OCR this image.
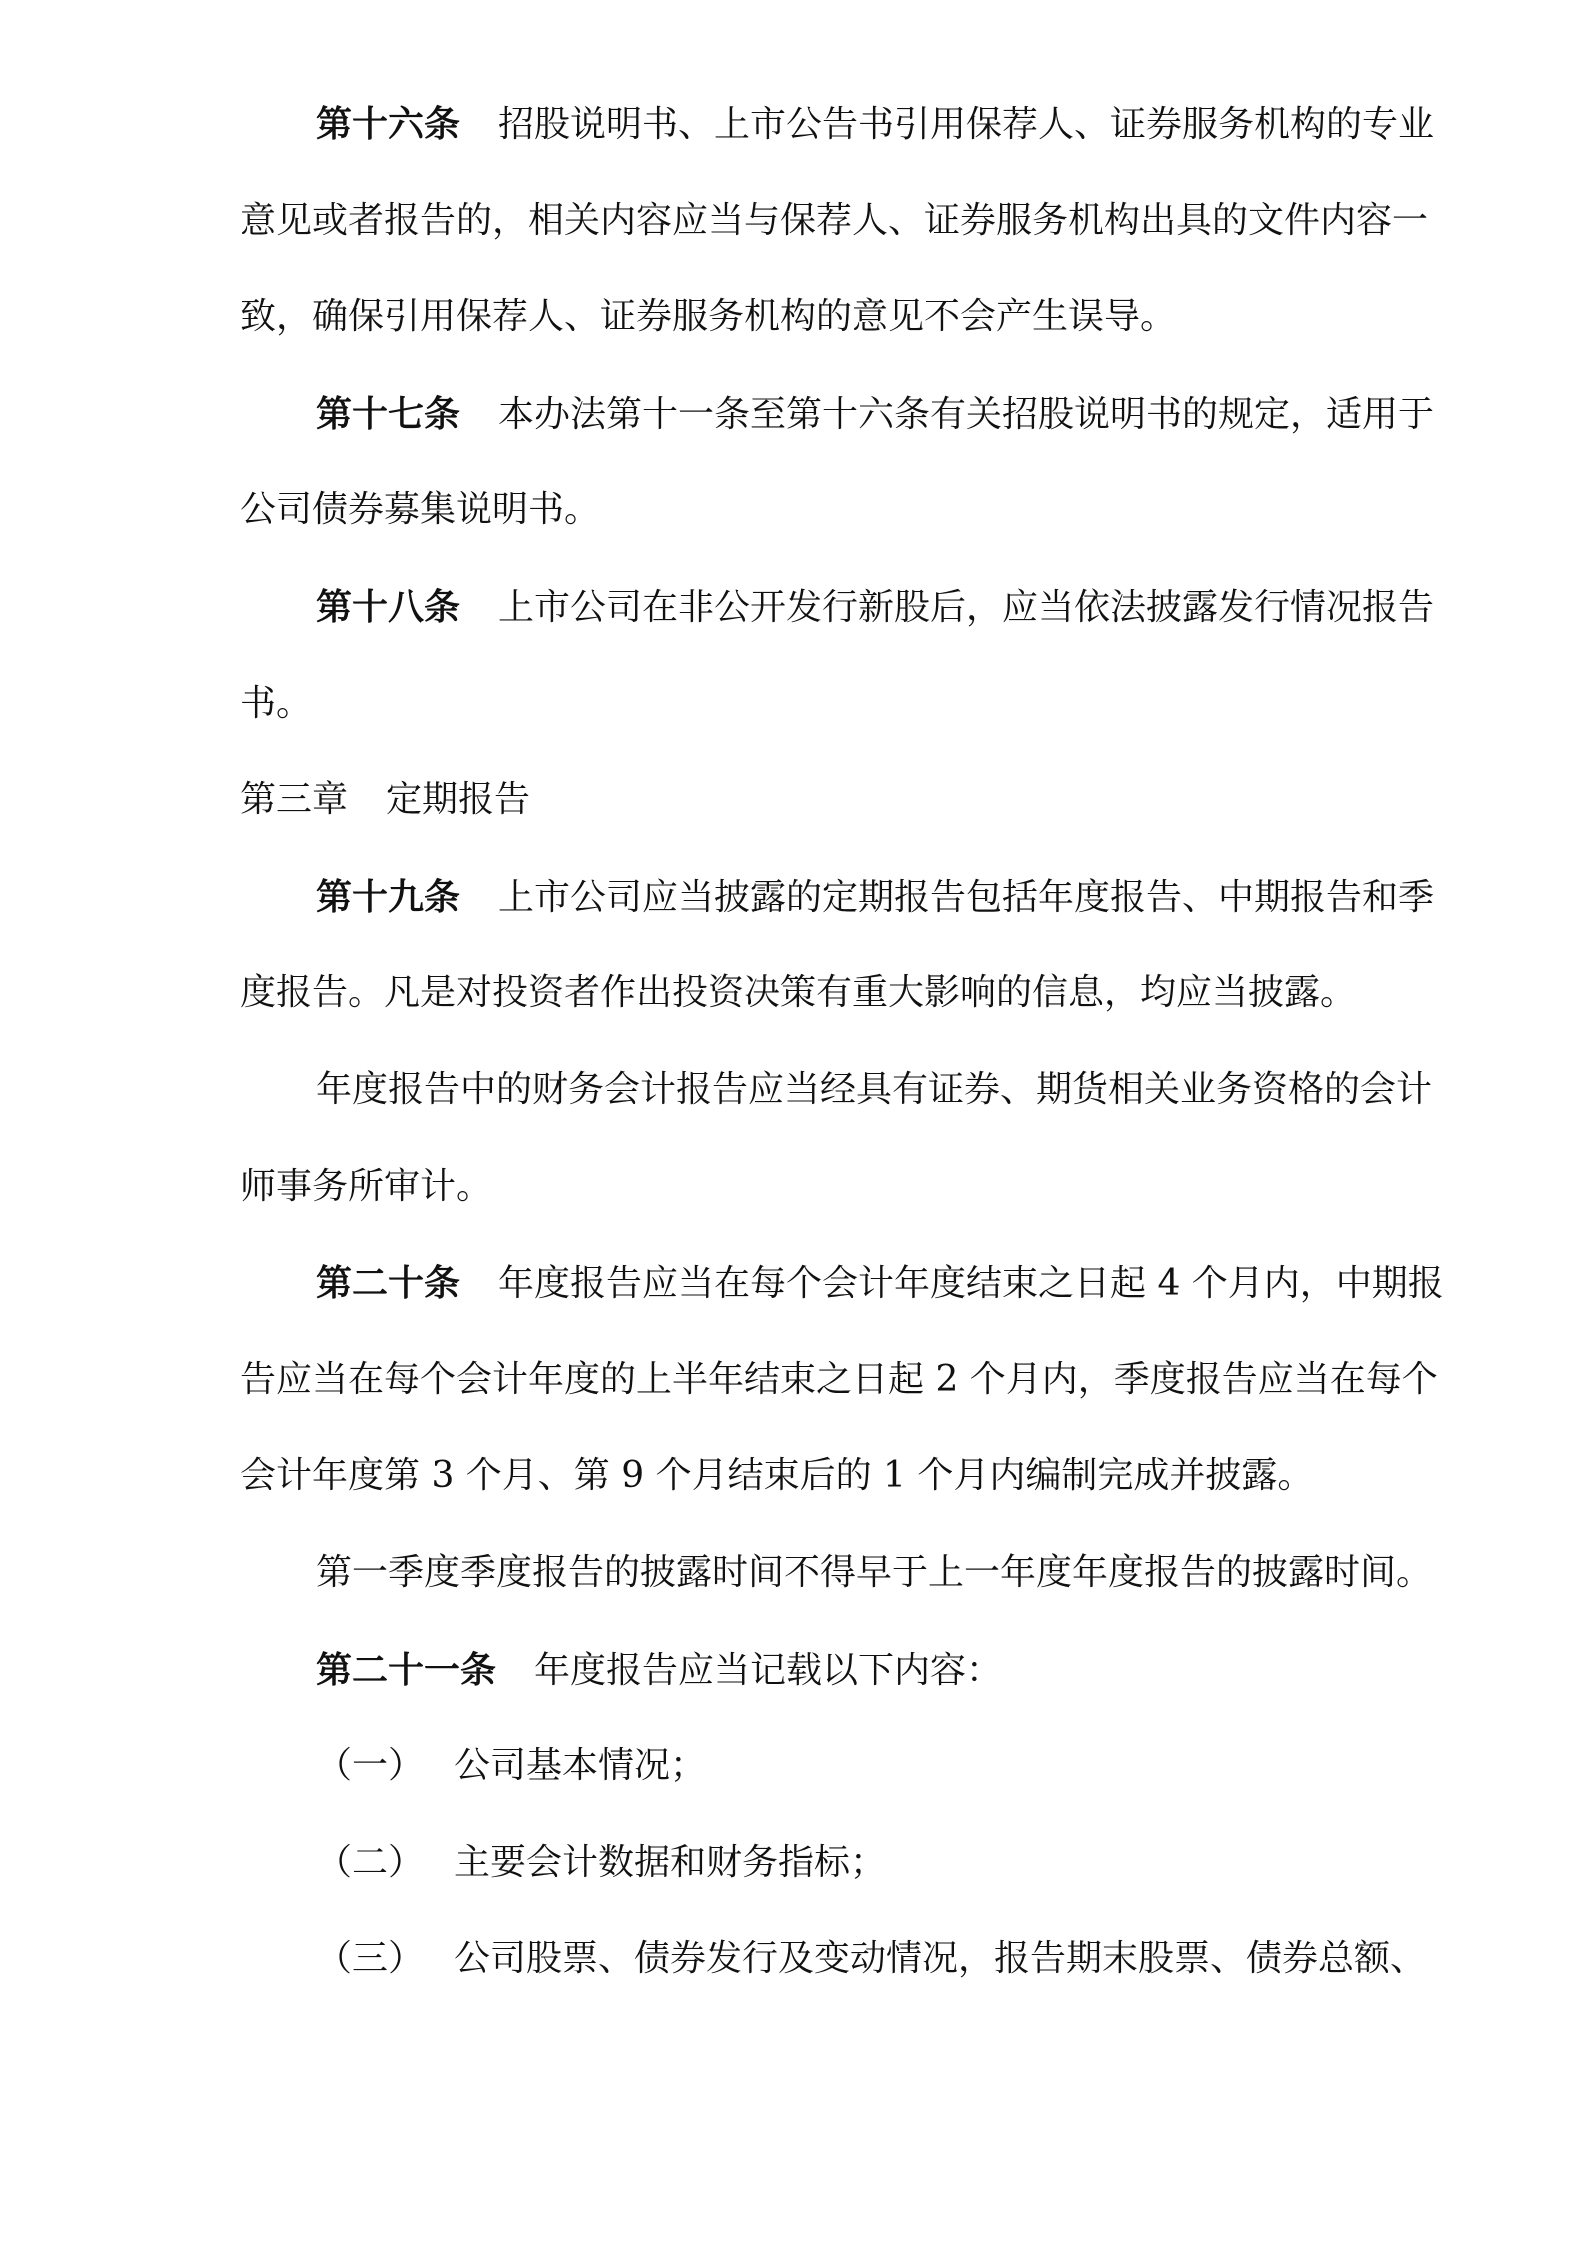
第十六条 招股说明书、上市公告书引用保荐人、证券服务机构的专业
意见或者报告的，相关内容应当与保荐人、证券服务机构出具的文件内容一
致，确保引用保荐人、证券服务机构的意见不会产生误导。
第十七条 本办法第十一条至第十六条有关招股说明书的规定，适用于
公司债券募集说明书。
第十八条 上市公司在非公开发行新股后，应当依法披露发行情况报告
书。
第三章 定期报告
第十九条 上市公司应当披露的定期报告包括年度报告、中期报告和季
度报告。凡是对投资者作出投资决策有重大影响的信息，均应当披露。
年度报告中的财务会计报告应当经具有证券、期货相关业务资格的会计
师事务所审计。
第二十条 年度报告应当在每个会计年度结束之日起 4 个月内，中期报
告应当在每个会计年度的上半年结束之日起 2 个月内，季度报告应当在每个
会计年度第 3 个月、第 9 个月结束后的 1 个月内编制完成并披露。
第一季度季度报告的披露时间不得早于上一年度年度报告的披露时间。
第二十一条 年度报告应当记载以下内容：
（一） 公司基本情况；
（二） 主要会计数据和财务指标；
（三） 公司股票、债券发行及变动情况，报告期末股票、债券总额、
